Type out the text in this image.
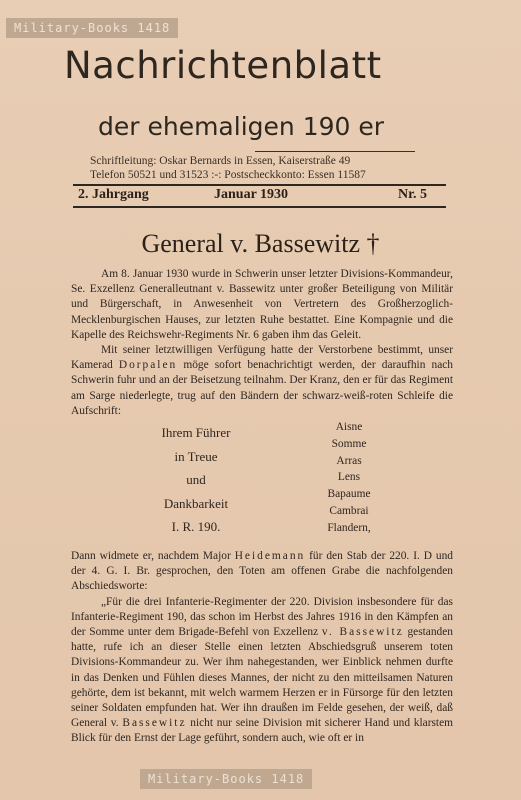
Military-Books 1418
Nachrichtenblatt
der ehemaligen 190 er
Schriftleitung: Oskar Bernards in Essen, Kaiserstraße 49
Telefon 50521 und 31523 :-: Postscheckkonto: Essen 11587
2. Jahrgang	Januar 1930	Nr. 5
General v. Bassewitz †

Am 8. Januar 1930 wurde in Schwerin unser letzter Divisions-Kommandeur, Se. Exzellenz Generalleutnant v. Bassewitz unter großer Beteiligung von Militär und Bürgerschaft, in Anwesenheit von Vertretern des Großherzoglich-Mecklenburgischen Hauses, zur letzten Ruhe bestattet. Eine Kompagnie und die Kapelle des Reichswehr-Regiments Nr. 6 gaben ihm das Geleit.

Mit seiner letztwilligen Verfügung hatte der Verstorbene bestimmt, unser Kamerad Dorpalen möge sofort benachrichtigt werden, der daraufhin nach Schwerin fuhr und an der Beisetzung teilnahm. Der Kranz, den er für das Regiment am Sarge niederlegte, trug auf den Bändern der schwarz-weiß-roten Schleife die Aufschrift:

Ihrem Führer
in Treue
und
Dankbarkeit
I. R. 190.
Aisne
Somme
Arras
Lens
Bapaume
Cambrai
Flandern,

Dann widmete er, nachdem Major Heidemann für den Stab der 220. I. D und der 4. G. I. Br. gesprochen, den Toten am offenen Grabe die nachfolgenden Abschiedsworte:

„Für die drei Infanterie-Regimenter der 220. Division insbesondere für das Infanterie-Regiment 190, das schon im Herbst des Jahres 1916 in den Kämpfen an der Somme unter dem Brigade-Befehl von Exzellenz v. Bassewitz gestanden hatte, rufe ich an dieser Stelle einen letzten Abschiedsgruß unserem toten Divisions-Kommandeur zu. Wer ihm nahegestanden, wer Einblick nehmen durfte in das Denken und Fühlen dieses Mannes, der nicht zu den mitteilsamen Naturen gehörte, dem ist bekannt, mit welch warmem Herzen er in Fürsorge für den letzten seiner Soldaten empfunden hat. Wer ihn draußen im Felde gesehen, der weiß, daß General v. Bassewitz nicht nur seine Division mit sicherer Hand und klarstem Blick für den Ernst der Lage geführt, sondern auch, wie oft er in

Military-Books 1418
